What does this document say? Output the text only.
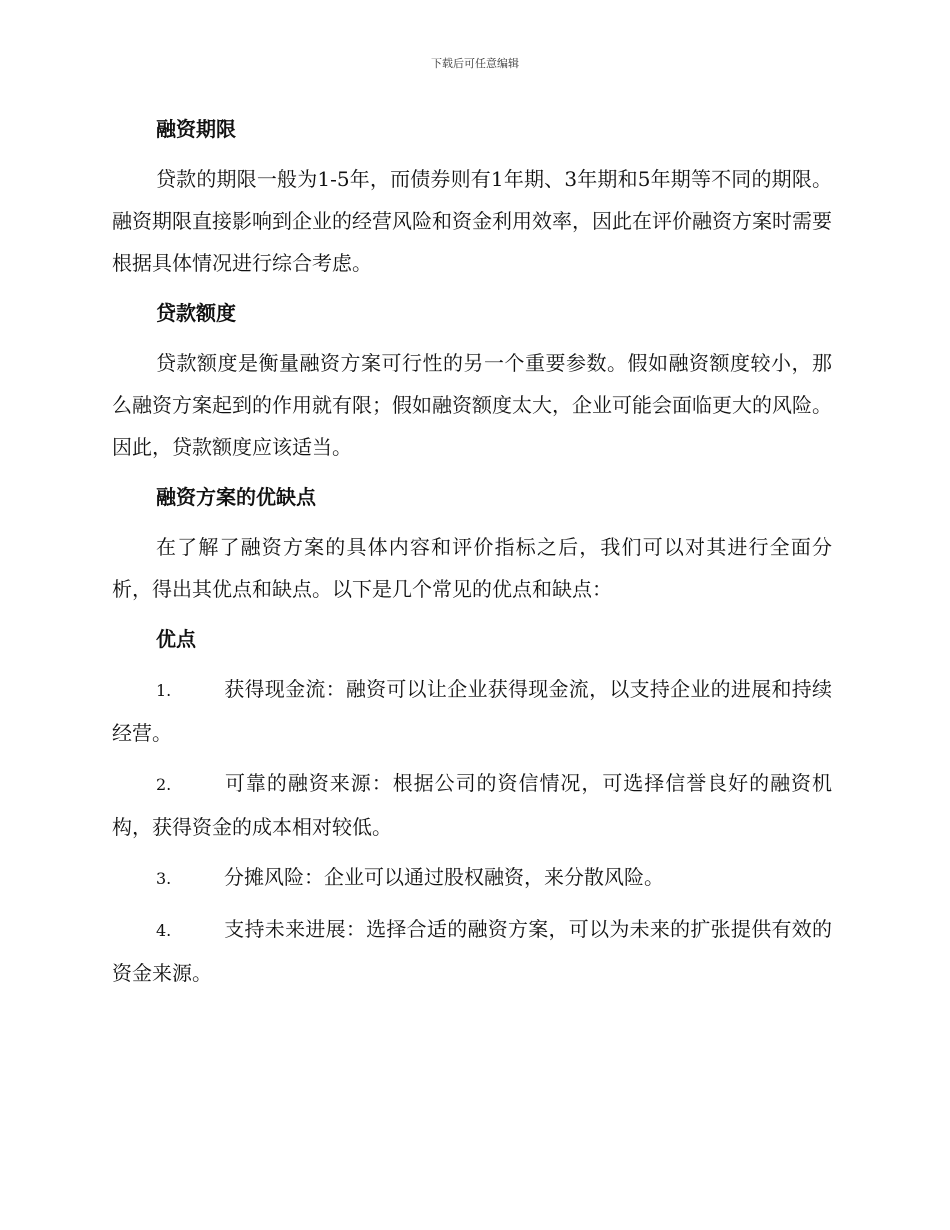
下载后可任意编辑
融资期限

贷款的期限一般为1-5年，而债券则有1年期、3年期和5年期等不同的期限。融资期限直接影响到企业的经营风险和资金利用效率，因此在评价融资方案时需要根据具体情况进行综合考虑。

贷款额度

贷款额度是衡量融资方案可行性的另一个重要参数。假如融资额度较小，那么融资方案起到的作用就有限；假如融资额度太大，企业可能会面临更大的风险。因此，贷款额度应该适当。

融资方案的优缺点

在了解了融资方案的具体内容和评价指标之后，我们可以对其进行全面分析，得出其优点和缺点。以下是几个常见的优点和缺点：

优点

1.	获得现金流：融资可以让企业获得现金流，以支持企业的进展和持续经营。

2.	可靠的融资来源：根据公司的资信情况，可选择信誉良好的融资机构，获得资金的成本相对较低。

3.	分摊风险：企业可以通过股权融资，来分散风险。

4.	支持未来进展：选择合适的融资方案，可以为未来的扩张提供有效的资金来源。
